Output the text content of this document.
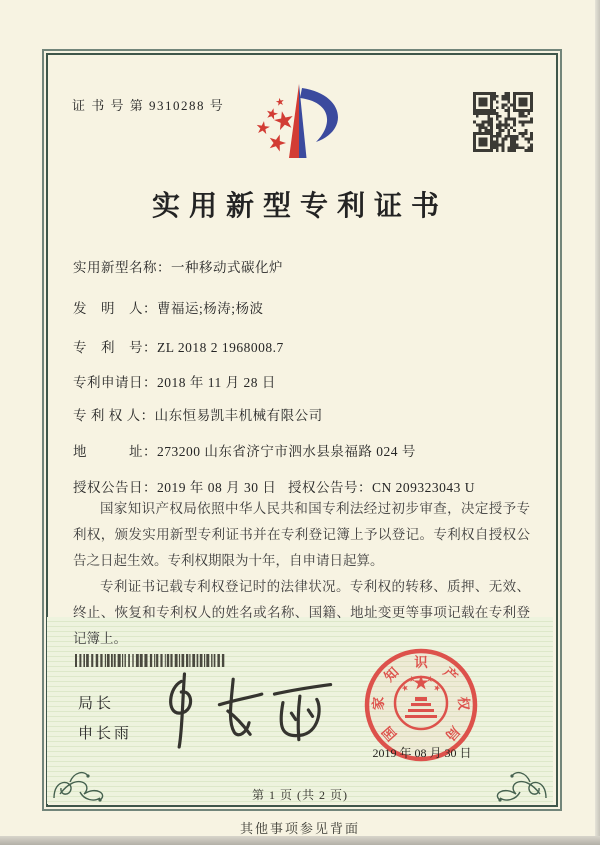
证 书 号 第 9310288 号
实用新型专利证书
实用新型名称：一种移动式碳化炉
发　明　人：曹福运;杨涛;杨波
专　利　号：ZL 2018 2 1968008.7
专利申请日：2018 年 11 月 28 日
专 利 权 人：山东恒易凯丰机械有限公司
地　　　址：273200 山东省济宁市泗水县泉福路 024 号
授权公告日：2019 年 08 月 30 日 授权公告号：CN 209323043 U

国家知识产权局依照中华人民共和国专利法经过初步审查，决定授予专利权，颁发实用新型专利证书并在专利登记簿上予以登记。专利权自授权公告之日起生效。专利权期限为十年，自申请日起算。

专利证书记载专利权登记时的法律状况。专利权的转移、质押、无效、终止、恢复和专利权人的姓名或名称、国籍、地址变更等事项记载在专利登记簿上。

局长
申长雨	国
家
知
识
产
权
局
2019 年 08 月 30 日
第 1 页 (共 2 页)
其他事项参见背面
